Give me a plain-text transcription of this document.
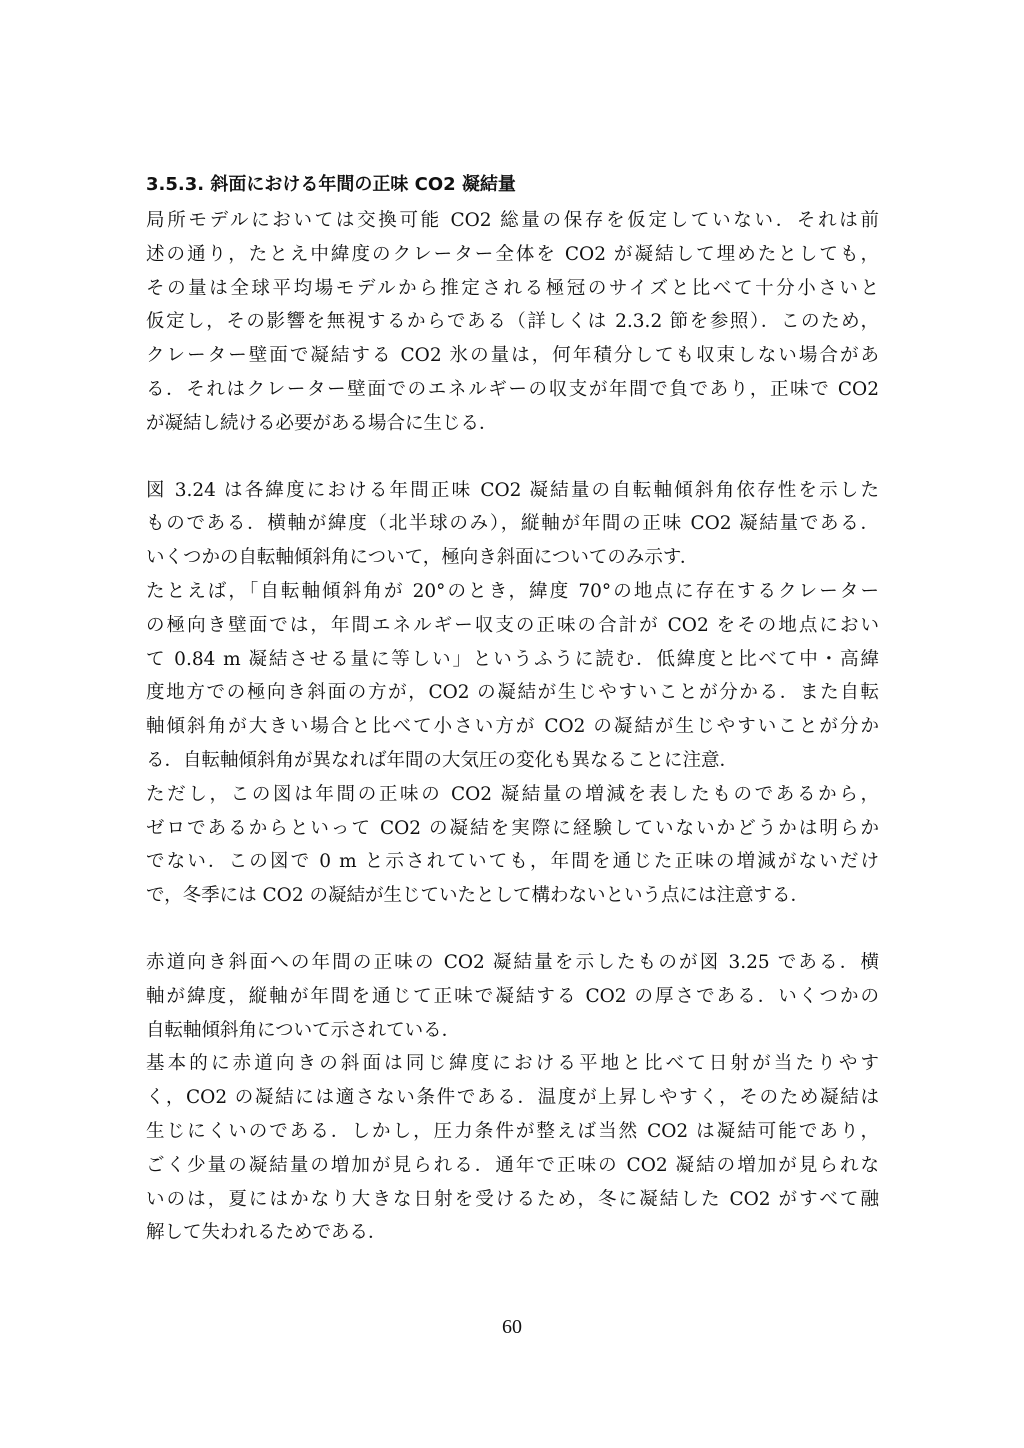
3.5.3. 斜面における年間の正味 CO2 凝結量
局所モデルにおいては交換可能 CO2 総量の保存を仮定していない．それは前
述の通り，たとえ中緯度のクレーター全体を CO2 が凝結して埋めたとしても，
その量は全球平均場モデルから推定される極冠のサイズと比べて十分小さいと
仮定し，その影響を無視するからである（詳しくは 2.3.2 節を参照）．このため，
クレーター壁面で凝結する CO2 氷の量は，何年積分しても収束しない場合があ
る．それはクレーター壁面でのエネルギーの収支が年間で負であり，正味で CO2
が凝結し続ける必要がある場合に生じる．
図 3.24 は各緯度における年間正味 CO2 凝結量の自転軸傾斜角依存性を示した
ものである．横軸が緯度（北半球のみ），縦軸が年間の正味 CO2 凝結量である．
いくつかの自転軸傾斜角について，極向き斜面についてのみ示す．
たとえば，「自転軸傾斜角が 20°のとき，緯度 70°の地点に存在するクレーター
の極向き壁面では，年間エネルギー収支の正味の合計が CO2 をその地点におい
て 0.84 m 凝結させる量に等しい」というふうに読む．低緯度と比べて中・高緯
度地方での極向き斜面の方が，CO2 の凝結が生じやすいことが分かる．また自転
軸傾斜角が大きい場合と比べて小さい方が CO2 の凝結が生じやすいことが分か
る．自転軸傾斜角が異なれば年間の大気圧の変化も異なることに注意．
ただし，この図は年間の正味の CO2 凝結量の増減を表したものであるから，
ゼロであるからといって CO2 の凝結を実際に経験していないかどうかは明らか
でない．この図で 0 m と示されていても，年間を通じた正味の増減がないだけ
で，冬季には CO2 の凝結が生じていたとして構わないという点には注意する．
赤道向き斜面への年間の正味の CO2 凝結量を示したものが図 3.25 である．横
軸が緯度，縦軸が年間を通じて正味で凝結する CO2 の厚さである．いくつかの
自転軸傾斜角について示されている．
基本的に赤道向きの斜面は同じ緯度における平地と比べて日射が当たりやす
く，CO2 の凝結には適さない条件である．温度が上昇しやすく，そのため凝結は
生じにくいのである．しかし，圧力条件が整えば当然 CO2 は凝結可能であり，
ごく少量の凝結量の増加が見られる．通年で正味の CO2 凝結の増加が見られな
いのは，夏にはかなり大きな日射を受けるため，冬に凝結した CO2 がすべて融
解して失われるためである．
60
